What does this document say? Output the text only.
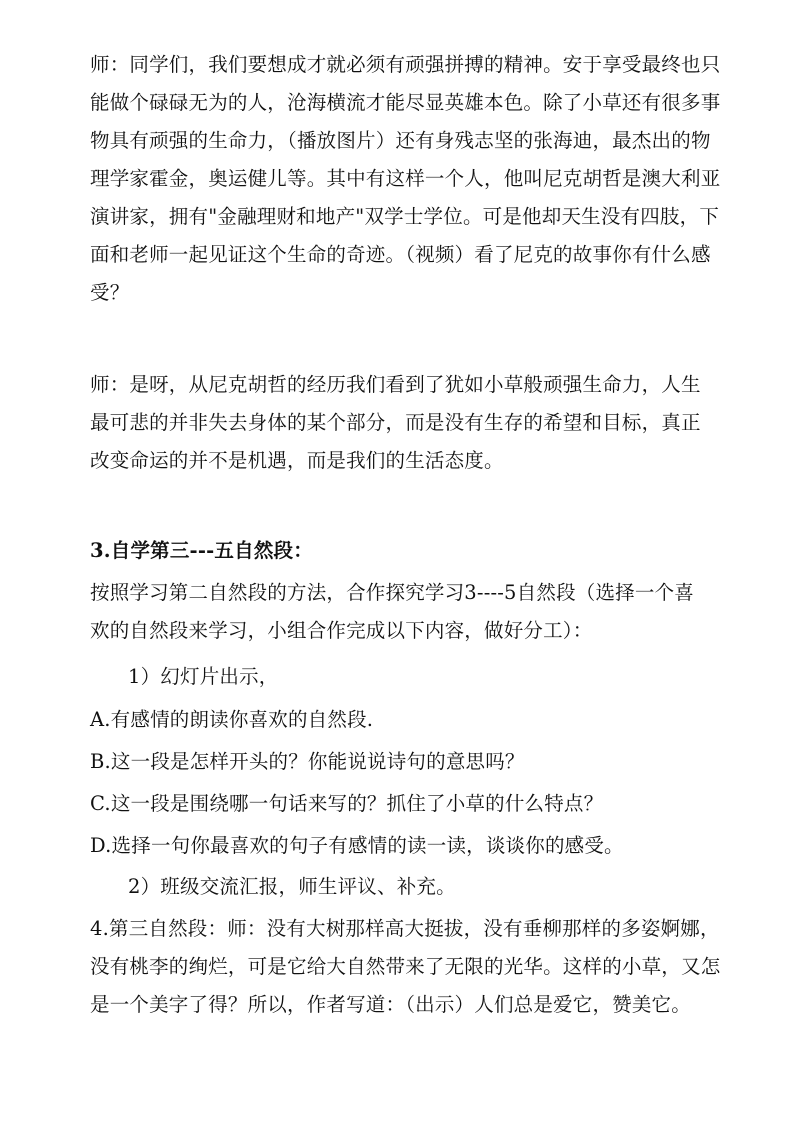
师：同学们，我们要想成才就必须有顽强拼搏的精神。安于享受最终也只
能做个碌碌无为的人，沧海横流才能尽显英雄本色。除了小草还有很多事
物具有顽强的生命力，（播放图片）还有身残志坚的张海迪，最杰出的物
理学家霍金，奥运健儿等。其中有这样一个人，他叫尼克胡哲是澳大利亚
演讲家，拥有"金融理财和地产"双学士学位。可是他却天生没有四肢，下
面和老师一起见证这个生命的奇迹。（视频）看了尼克的故事你有什么感
受？
师：是呀，从尼克胡哲的经历我们看到了犹如小草般顽强生命力，人生
最可悲的并非失去身体的某个部分，而是没有生存的希望和目标，真正
改变命运的并不是机遇，而是我们的生活态度。
3.自学第三---五自然段：
按照学习第二自然段的方法，合作探究学习3----5自然段（选择一个喜
欢的自然段来学习，小组合作完成以下内容，做好分工）：
1）幻灯片出示，
A.有感情的朗读你喜欢的自然段.
B.这一段是怎样开头的？你能说说诗句的意思吗？
C.这一段是围绕哪一句话来写的？抓住了小草的什么特点？
D.选择一句你最喜欢的句子有感情的读一读，谈谈你的感受。
2）班级交流汇报，师生评议、补充。
4.第三自然段：师：没有大树那样高大挺拔，没有垂柳那样的多姿婀娜，
没有桃李的绚烂，可是它给大自然带来了无限的光华。这样的小草，又怎
是一个美字了得？所以，作者写道：（出示）人们总是爱它，赞美它。
